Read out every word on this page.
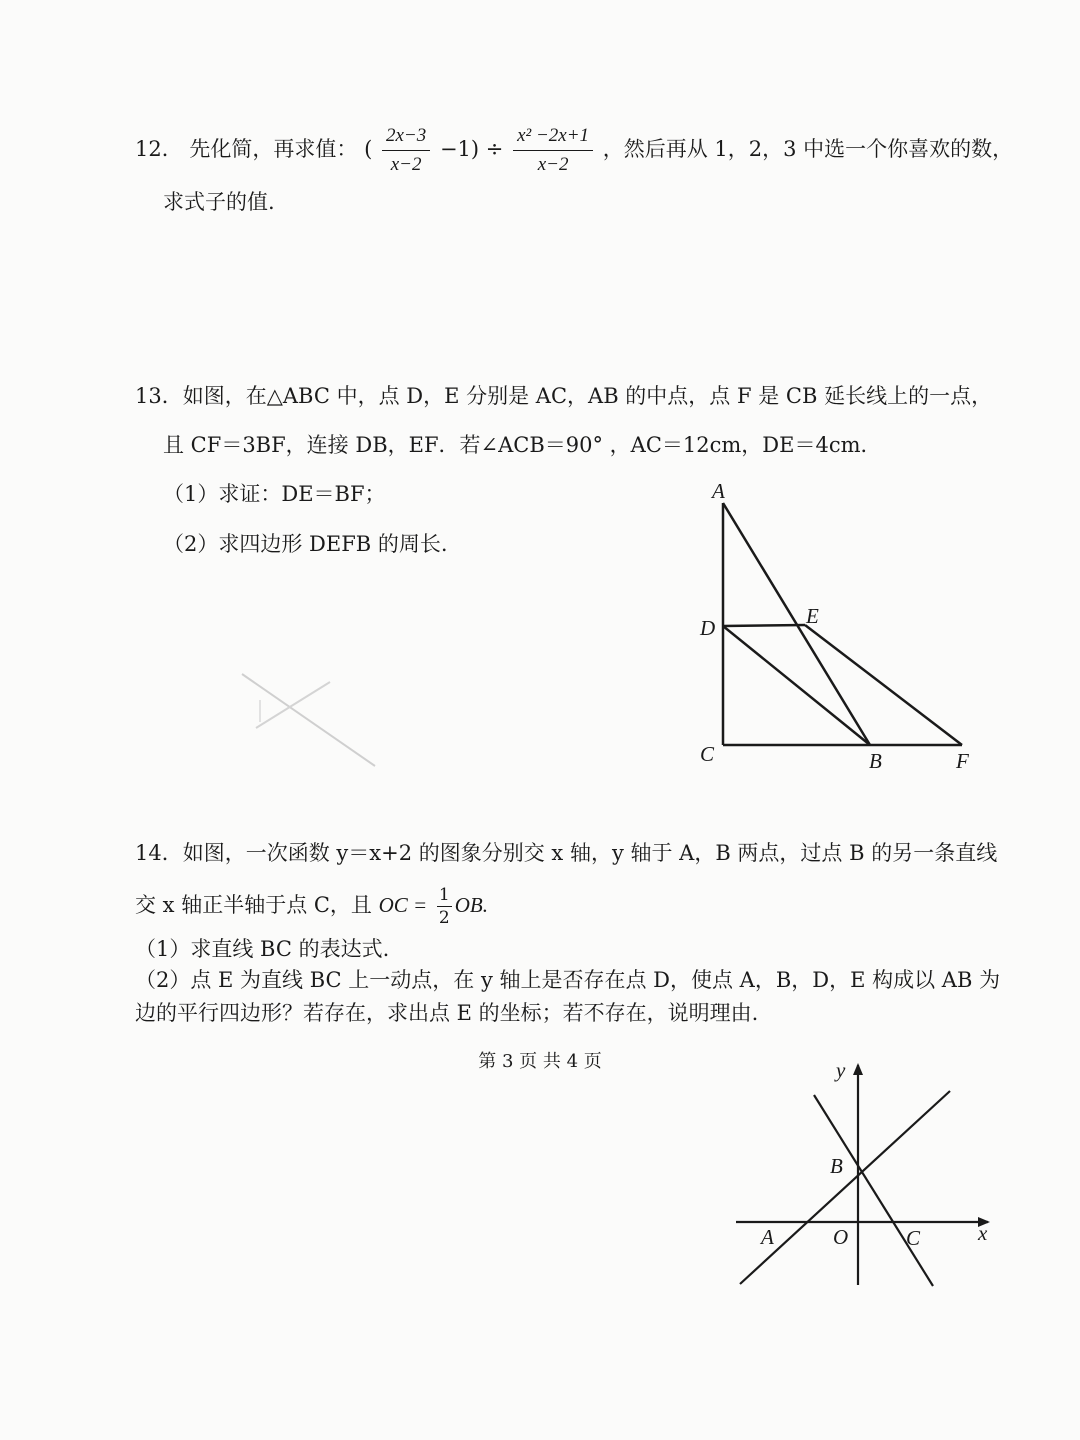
12． 先化简，再求值： ( $\frac{2x-3}{x-2} -1) \div \frac{\text{x² −2x+1}}{x-2}$ ，然后再从 1，2，3 中选一个你喜欢的数，
求式子的值.
13．如图，在△ABC 中，点 D，E 分别是 AC，AB 的中点，点 F 是 CB 延长线上的一点，
且 CF＝3BF，连接 DB，EF．若∠ACB＝90° ，AC＝12cm，DE＝4cm．
（1）求证：DE＝BF；
（2）求四边形 DEFB 的周长.
A
D	E
C	B	F
14．如图，一次函数 y＝x+2 的图象分别交 x 轴，y 轴于 A，B 两点，过点 B 的另一条直线
交 x 轴正半轴于点 C，且 OC = $\frac{1}{2}$ OB.
（1）求直线 BC 的表达式.
（2）点 E 为直线 BC 上一动点，在 y 轴上是否存在点 D，使点 A，B，D，E 构成以 AB 为
边的平行四边形？若存在，求出点 E 的坐标；若不存在，说明理由.
y
B
A	O	C	x
第 3 页 共 4 页
